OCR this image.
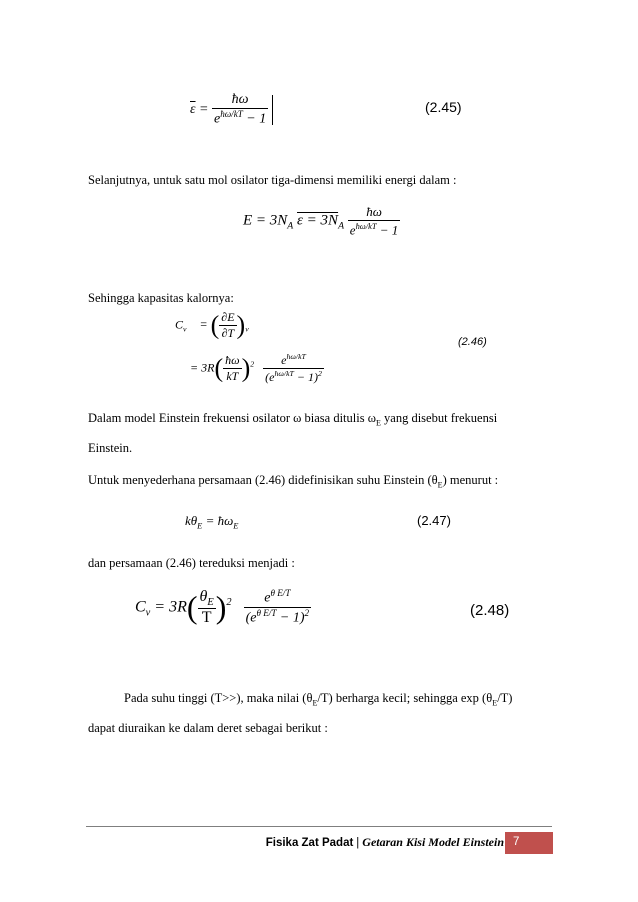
$\overline{\varepsilon} = \frac{ħ\omega}{e^{ħ\omega/kT} - 1}$
	(2.45)
Selanjutnya, untuk satu mol osilator tiga-dimensi memiliki energi dalam :
$E = 3N_A$ $\varepsilon = 3N_A \frac{ħ\omega}{e^{ħ\omega/kT} - 1}$
Sehingga kapasitas kalornya:
$C_v$ = ( $\frac{\partial E}{\partial T} )_v$
= $3R( \frac{ħ\omega}{kT} )^2 \frac{e^{ħ\omega/kT}}{(e^{ħ\omega/kT} - 1)^2}$
(2.46)
Dalam model Einstein frekuensi osilator ω biasa ditulis $\omega_E$ yang disebut frekuensi
Einstein.
Untuk menyederhana persamaan (2.46) didefinisikan suhu Einstein $(\theta_E)$ menurut :
$k\theta_E$ = $ħ\omega_E$	(2.47)
dan persamaan (2.46) tereduksi menjadi :
$C_v = 3R( \frac{\theta_E}{T} )^2 \frac{e^{\theta E/T}}{(e^{\theta E/T} - 1)^2}$	(2.48)
Pada suhu tinggi (T>>), maka nilai $(\theta_E/T)$ berharga kecil; sehingga $\exp (\theta_E/T)$
dapat diuraikan ke dalam deret sebagai berikut :
Fisika Zat Padat | Getaran Kisi Model Einstein 7
